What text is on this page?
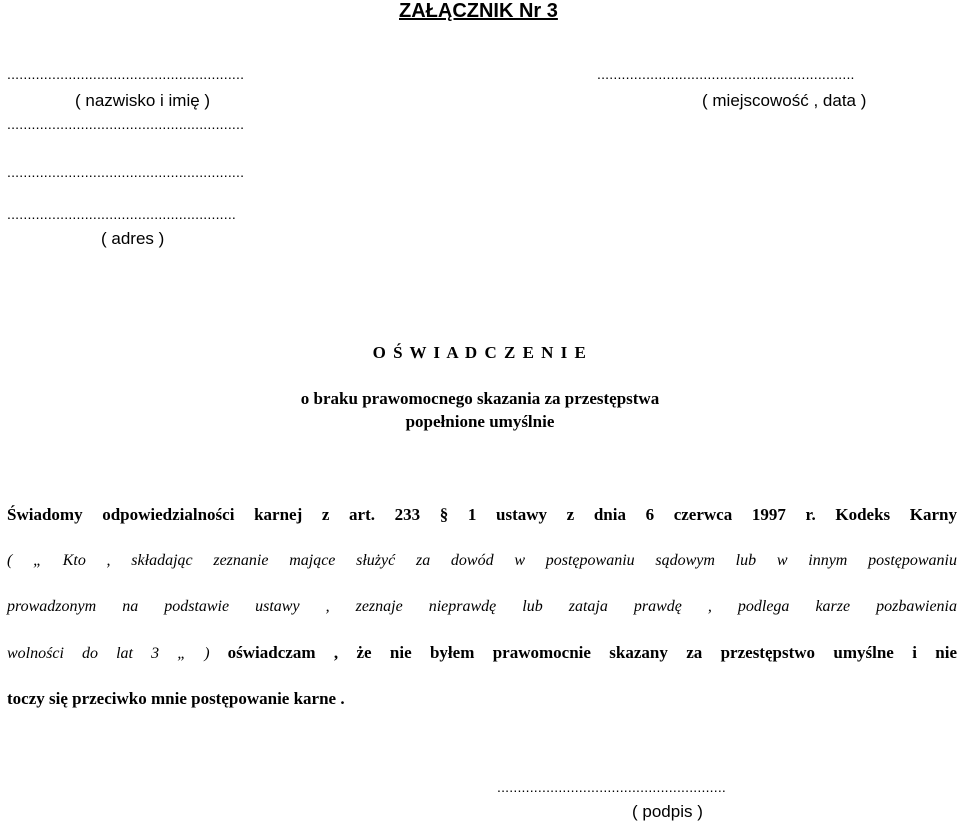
ZAŁĄCZNIK Nr 3
..........................................................
( nazwisko i imię )
...............................................................
( miejscowość , data )
..........................................................
..........................................................
........................................................
( adres )
O Ś W I A D C Z E N I E
o braku prawomocnego skazania za przestępstwa
popełnione umyślnie
Świadomy odpowiedzialności karnej z art. 233 § 1 ustawy z dnia 6 czerwca 1997 r. Kodeks Karny
( „ Kto , składając zeznanie mające służyć za dowód w postępowaniu sądowym lub w innym postępowaniu
prowadzonym na podstawie ustawy , zeznaje nieprawdę lub zataja prawdę , podlega karze pozbawienia
wolności do lat 3 „ ) oświadczam , że nie byłem prawomocnie skazany za przestępstwo umyślne i nie
toczy się przeciwko mnie postępowanie karne .
........................................................
( podpis )
